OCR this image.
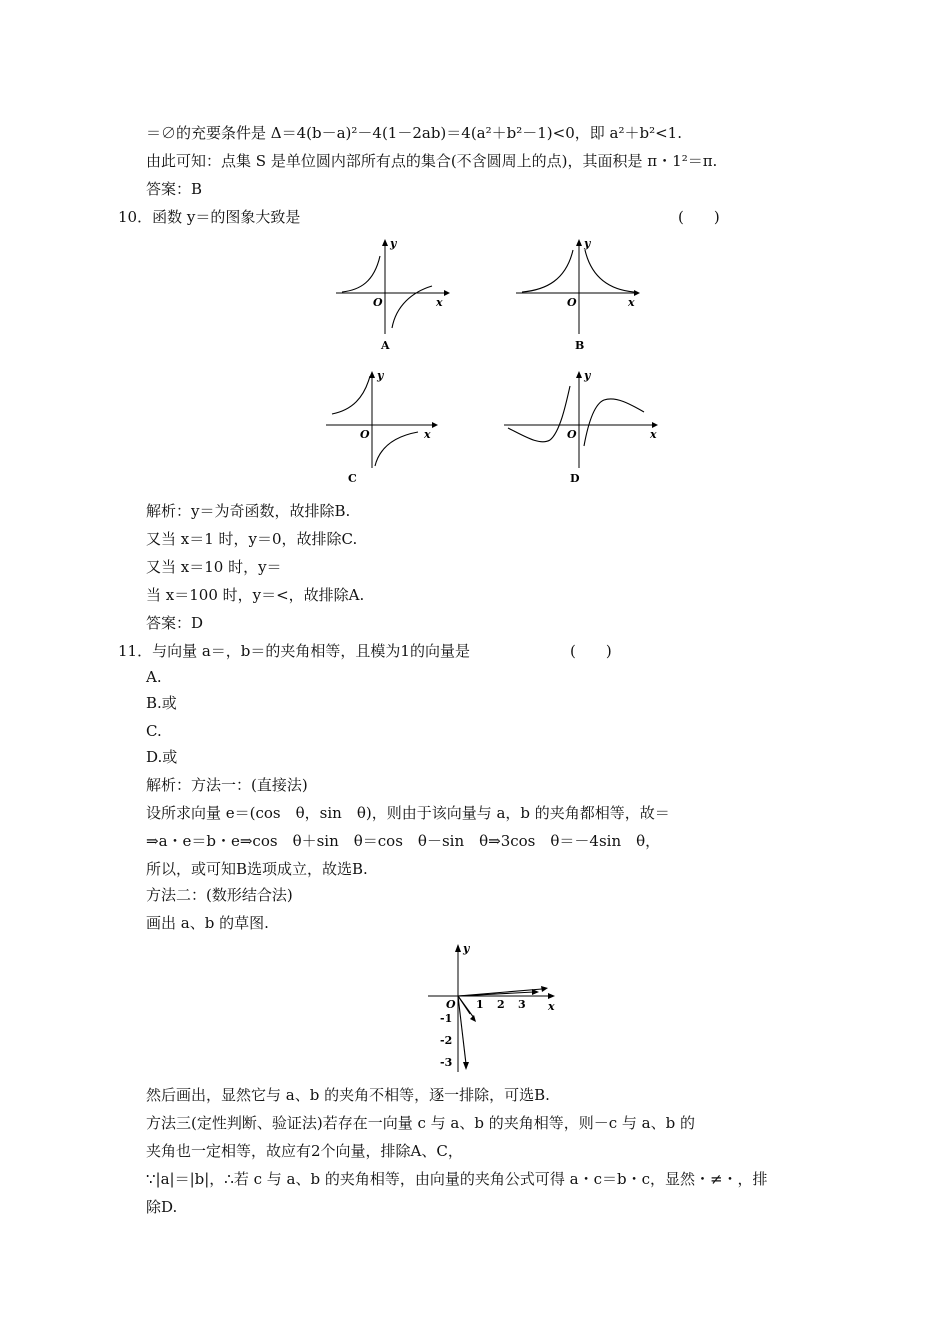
＝∅的充要条件是 Δ＝4(b－a)²－4(1－2ab)＝4(a²＋b²－1)<0，即 a²＋b²<1.
由此可知：点集 S 是单位圆内部所有点的集合(不含圆周上的点)，其面积是 π・1²＝π.
答案：B
10．函数 y＝的图象大致是	(　　)
y
x
O
A
y
x
O
B
y
x
O
C
y
x
O
D
解析：y＝为奇函数，故排除B.
又当 x＝1 时，y＝0，故排除C.
又当 x＝10 时，y＝
当 x＝100 时，y＝<，故排除A.
答案：D
11．与向量 a＝，b＝的夹角相等，且模为1的向量是	(　　)
A.
B.或
C.
D.或
解析：方法一：(直接法)
设所求向量 e＝(cos　θ，sin　θ)，则由于该向量与 a，b 的夹角都相等，故＝
⇒a・e＝b・e⇒cos　θ＋sin　θ＝cos　θ－sin　θ⇒3cos　θ＝－4sin　θ，
所以，或可知B选项成立，故选B.
方法二：(数形结合法)
画出 a、b 的草图.
y
x
O 1 2 3
-1
-2
-3
然后画出，显然它与 a、b 的夹角不相等，逐一排除，可选B.
方法三(定性判断、验证法)若存在一向量 c 与 a、b 的夹角相等，则－c 与 a、b 的
夹角也一定相等，故应有2个向量，排除A、C，
∵|a|＝|b|，∴若 c 与 a、b 的夹角相等，由向量的夹角公式可得 a・c＝b・c，显然・≠・，排
除D.
